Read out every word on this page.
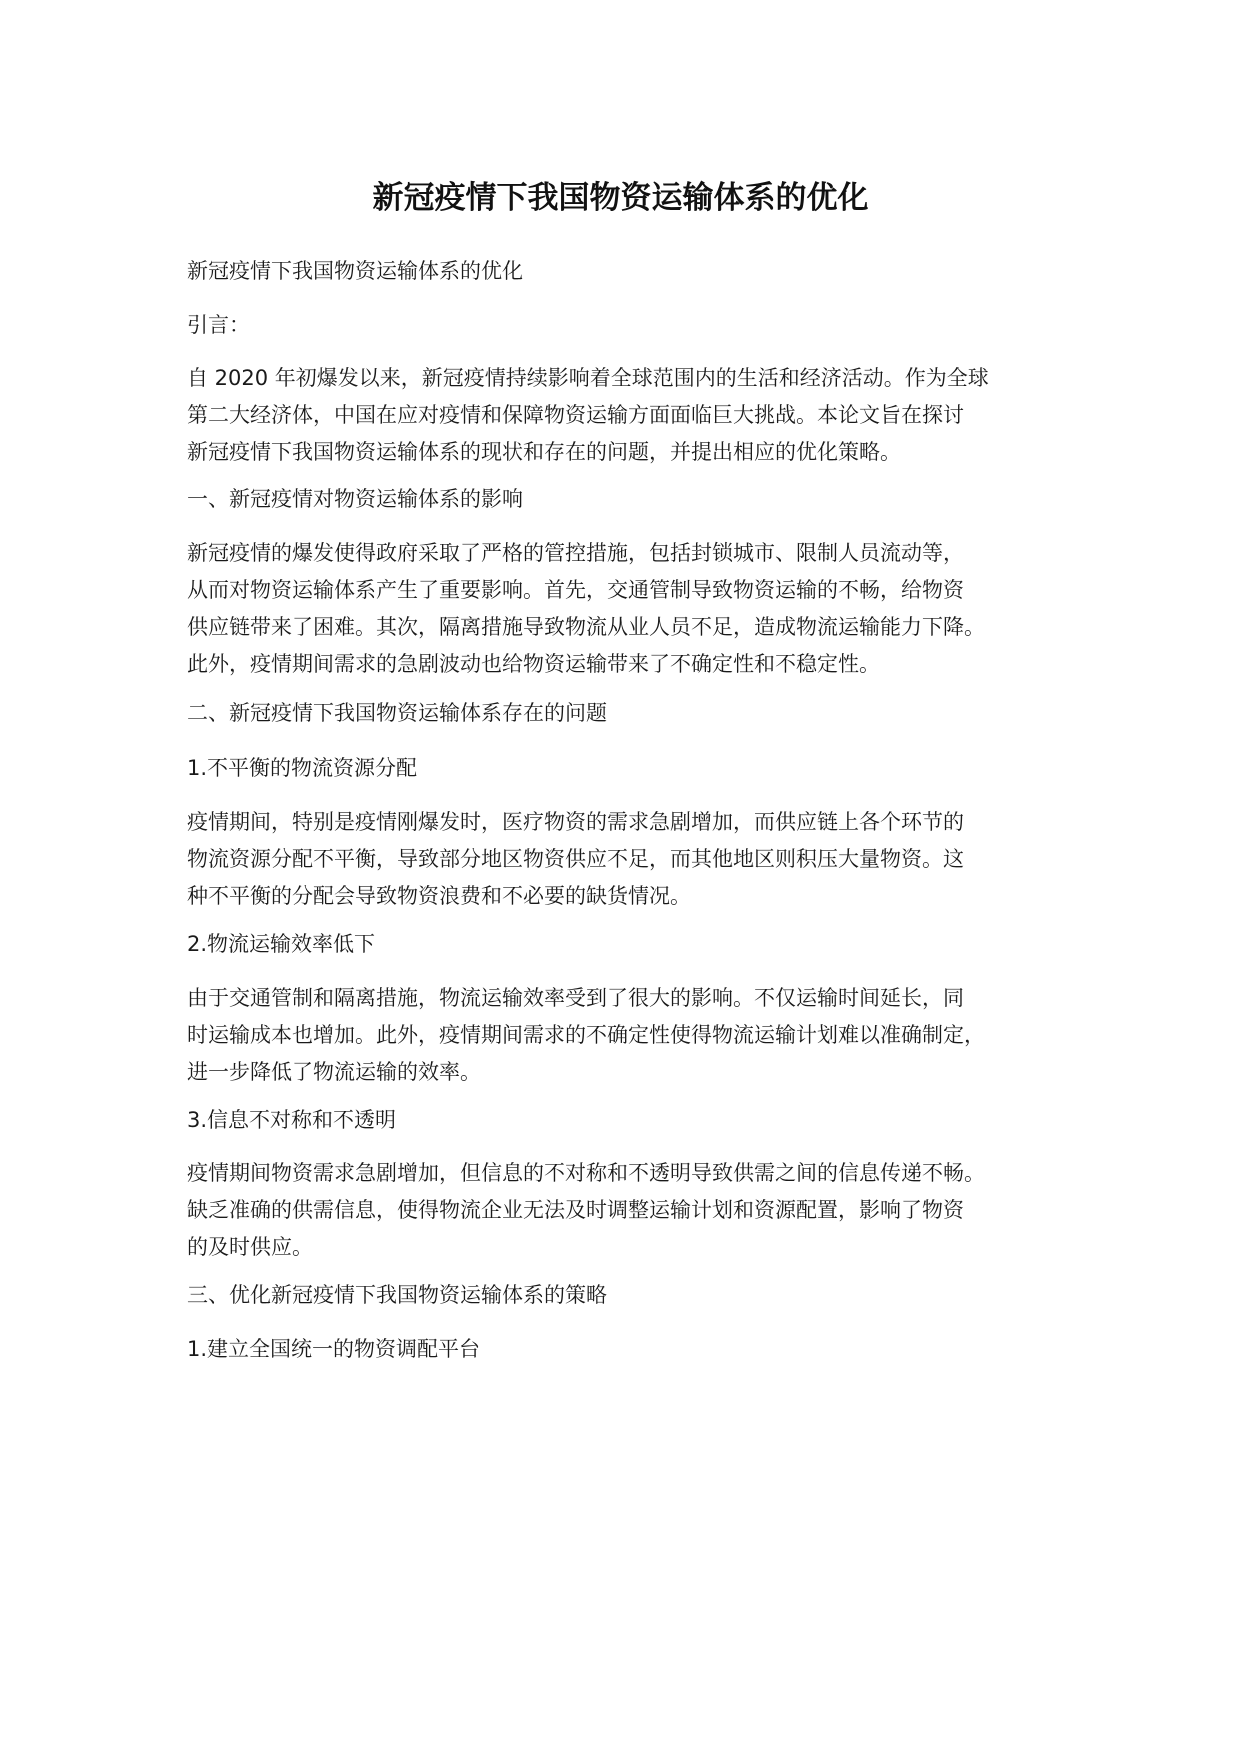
新冠疫情下我国物资运输体系的优化

新冠疫情下我国物资运输体系的优化

引言：

自 2020 年初爆发以来，新冠疫情持续影响着全球范围内的生活和经济活动。作为全球
第二大经济体，中国在应对疫情和保障物资运输方面面临巨大挑战。本论文旨在探讨
新冠疫情下我国物资运输体系的现状和存在的问题，并提出相应的优化策略。

一、新冠疫情对物资运输体系的影响

新冠疫情的爆发使得政府采取了严格的管控措施，包括封锁城市、限制人员流动等，
从而对物资运输体系产生了重要影响。首先，交通管制导致物资运输的不畅，给物资
供应链带来了困难。其次，隔离措施导致物流从业人员不足，造成物流运输能力下降。
此外，疫情期间需求的急剧波动也给物资运输带来了不确定性和不稳定性。

二、新冠疫情下我国物资运输体系存在的问题

1.不平衡的物流资源分配

疫情期间，特别是疫情刚爆发时，医疗物资的需求急剧增加，而供应链上各个环节的
物流资源分配不平衡，导致部分地区物资供应不足，而其他地区则积压大量物资。这
种不平衡的分配会导致物资浪费和不必要的缺货情况。

2.物流运输效率低下

由于交通管制和隔离措施，物流运输效率受到了很大的影响。不仅运输时间延长，同
时运输成本也增加。此外，疫情期间需求的不确定性使得物流运输计划难以准确制定，
进一步降低了物流运输的效率。

3.信息不对称和不透明

疫情期间物资需求急剧增加，但信息的不对称和不透明导致供需之间的信息传递不畅。
缺乏准确的供需信息，使得物流企业无法及时调整运输计划和资源配置，影响了物资
的及时供应。

三、优化新冠疫情下我国物资运输体系的策略

1.建立全国统一的物资调配平台
